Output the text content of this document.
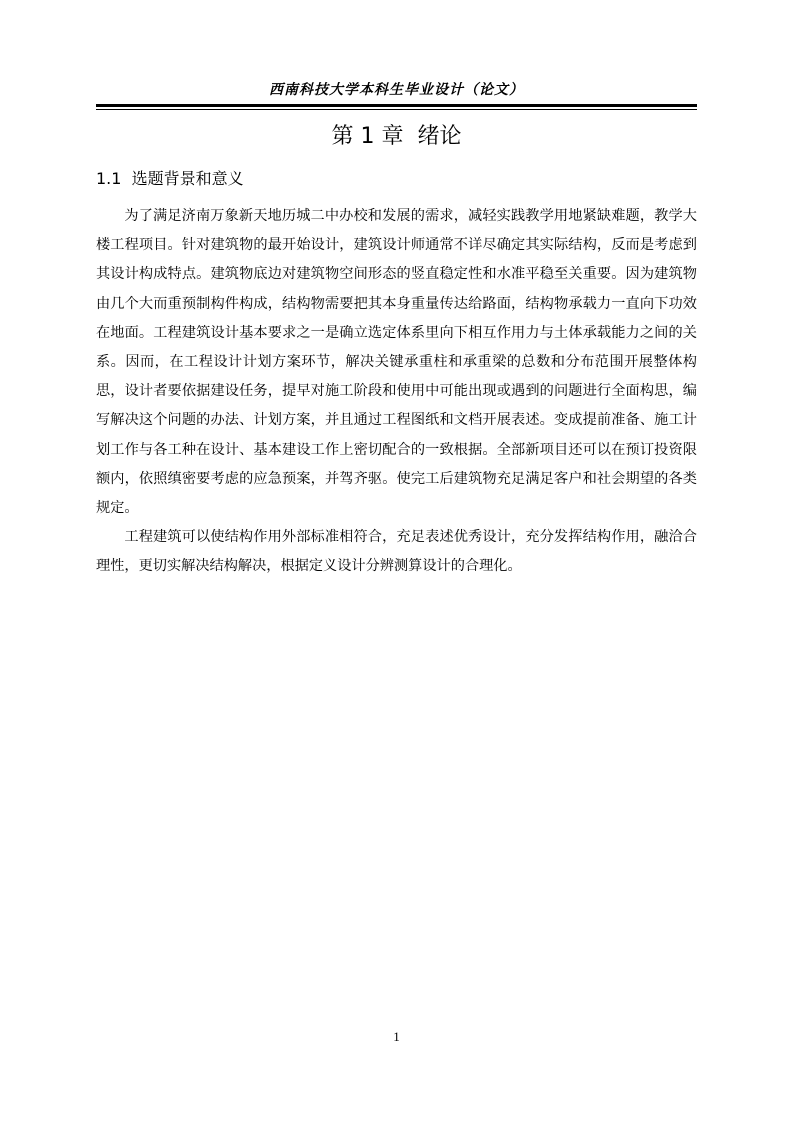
西南科技大学本科生毕业设计（论文）
第 1 章  绪论
1.1  选题背景和意义

为了满足济南万象新天地历城二中办校和发展的需求，减轻实践教学用地紧缺难题，教学大楼工程项目。针对建筑物的最开始设计，建筑设计师通常不详尽确定其实际结构，反而是考虑到其设计构成特点。建筑物底边对建筑物空间形态的竖直稳定性和水准平稳至关重要。因为建筑物由几个大而重预制构件构成，结构物需要把其本身重量传达给路面，结构物承载力一直向下功效在地面。工程建筑设计基本要求之一是确立选定体系里向下相互作用力与土体承载能力之间的关系。因而，在工程设计计划方案环节，解决关键承重柱和承重梁的总数和分布范围开展整体构思，设计者要依据建设任务，提早对施工阶段和使用中可能出现或遇到的问题进行全面构思，编写解决这个问题的办法、计划方案，并且通过工程图纸和文档开展表述。变成提前准备、施工计划工作与各工种在设计、基本建设工作上密切配合的一致根据。全部新项目还可以在预订投资限额内，依照缜密要考虑的应急预案，并驾齐驱。使完工后建筑物充足满足客户和社会期望的各类规定。

工程建筑可以使结构作用外部标准相符合，充足表述优秀设计，充分发挥结构作用，融洽合理性，更切实解决结构解决，根据定义设计分辨测算设计的合理化。

1
